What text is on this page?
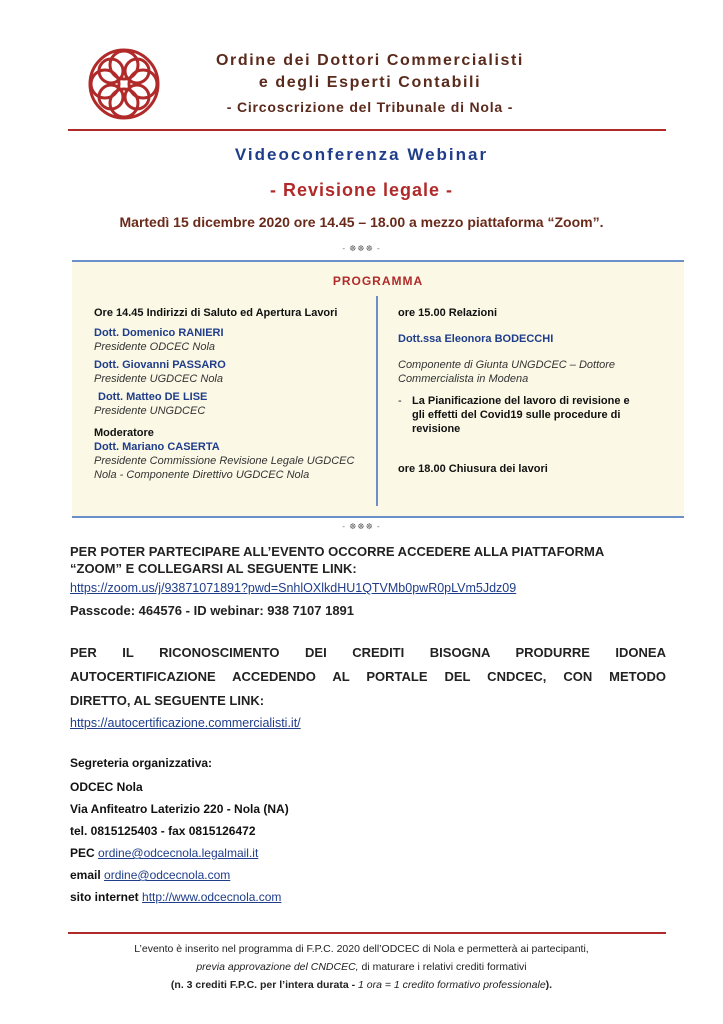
Ordine dei Dottori Commercialisti
e degli Esperti Contabili
- Circoscrizione del Tribunale di Nola -
Videoconferenza Webinar
- Revisione legale -
Martedì 15 dicembre 2020 ore 14.45 – 18.00 a mezzo piattaforma “Zoom”.
- ☸☸☸ -
PROGRAMMA
Ore 14.45 Indirizzi di Saluto ed Apertura Lavori
Dott. Domenico RANIERI
Presidente ODCEC Nola
Dott. Giovanni PASSARO
Presidente UGDCEC Nola
Dott. Matteo DE LISE
Presidente UNGDCEC
Moderatore
Dott. Mariano CASERTA
Presidente Commissione Revisione Legale UGDCEC
Nola - Componente Direttivo UGDCEC Nola
ore 15.00 Relazioni
Dott.ssa Eleonora BODECCHI
Componente di Giunta UNGDCEC – Dottore
Commercialista in Modena
- La Pianificazione del lavoro di revisione e
gli effetti del Covid19 sulle procedure di
revisione
ore 18.00 Chiusura dei lavori
- ☸☸☸ -
PER POTER PARTECIPARE ALL’EVENTO OCCORRE ACCEDERE ALLA PIATTAFORMA
“ZOOM” E COLLEGARSI AL SEGUENTE LINK:
https://zoom.us/j/93871071891?pwd=SnhlOXlkdHU1QTVMb0pwR0pLVm5Jdz09
Passcode: 464576 - ID webinar: 938 7107 1891
PER IL RICONOSCIMENTO DEI CREDITI BISOGNA PRODURRE IDONEA
AUTOCERTIFICAZIONE ACCEDENDO AL PORTALE DEL CNDCEC, CON METODO
DIRETTO, AL SEGUENTE LINK:
https://autocertificazione.commercialisti.it/
Segreteria organizzativa:
ODCEC Nola
Via Anfiteatro Laterizio 220 - Nola (NA)
tel. 0815125403 - fax 0815126472
PEC ordine@odcecnola.legalmail.it
email ordine@odcecnola.com
sito internet http://www.odcecnola.com
L’evento è inserito nel programma di F.P.C. 2020 dell’ODCEC di Nola e permetterà ai partecipanti,
previa approvazione del CNDCEC, di maturare i relativi crediti formativi
(n. 3 crediti F.P.C. per l’intera durata - 1 ora = 1 credito formativo professionale).
